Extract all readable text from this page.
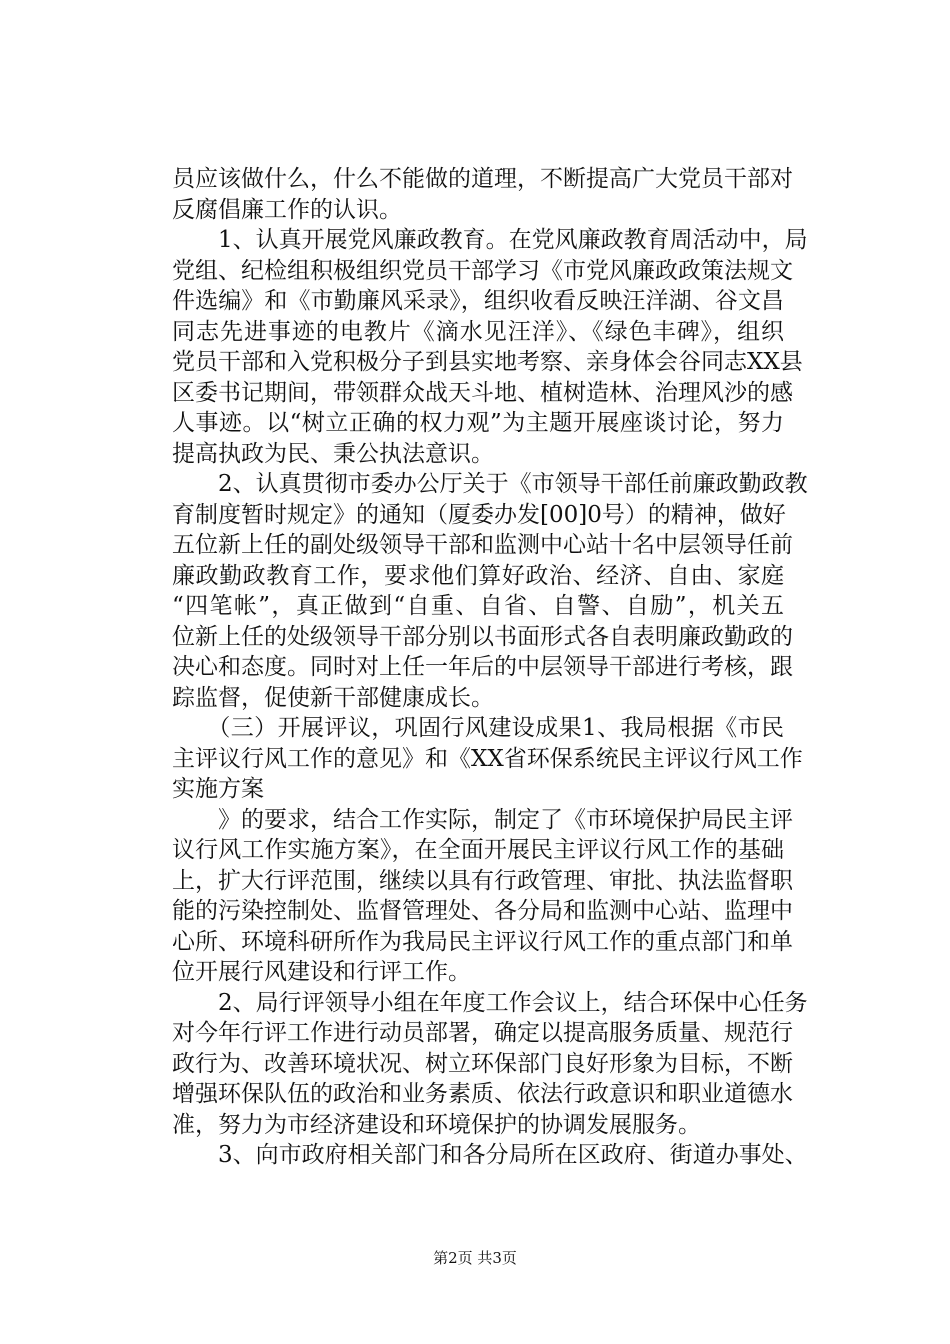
员应该做什么，什么不能做的道理，不断提高广大党员干部对
反腐倡廉工作的认识。
　　1、认真开展党风廉政教育。在党风廉政教育周活动中，局
党组、纪检组积极组织党员干部学习《市党风廉政政策法规文
件选编》和《市勤廉风采录》，组织收看反映汪洋湖、谷文昌
同志先进事迹的电教片《滴水见汪洋》、《绿色丰碑》，组织
党员干部和入党积极分子到县实地考察、亲身体会谷同志XX县
区委书记期间，带领群众战天斗地、植树造林、治理风沙的感
人事迹。以“树立正确的权力观”为主题开展座谈讨论，努力
提高执政为民、秉公执法意识。
　　2、认真贯彻市委办公厅关于《市领导干部任前廉政勤政教
育制度暂时规定》的通知（厦委办发[00]0号）的精神，做好
五位新上任的副处级领导干部和监测中心站十名中层领导任前
廉政勤政教育工作，要求他们算好政治、经济、自由、家庭
“四笔帐”，真正做到“自重、自省、自警、自励”，机关五
位新上任的处级领导干部分别以书面形式各自表明廉政勤政的
决心和态度。同时对上任一年后的中层领导干部进行考核，跟
踪监督，促使新干部健康成长。
　　（三）开展评议，巩固行风建设成果1、我局根据《市民
主评议行风工作的意见》和《XX省环保系统民主评议行风工作
实施方案
　　》的要求，结合工作实际，制定了《市环境保护局民主评
议行风工作实施方案》，在全面开展民主评议行风工作的基础
上，扩大行评范围，继续以具有行政管理、审批、执法监督职
能的污染控制处、监督管理处、各分局和监测中心站、监理中
心所、环境科研所作为我局民主评议行风工作的重点部门和单
位开展行风建设和行评工作。
　　2、局行评领导小组在年度工作会议上，结合环保中心任务
对今年行评工作进行动员部署，确定以提高服务质量、规范行
政行为、改善环境状况、树立环保部门良好形象为目标，不断
增强环保队伍的政治和业务素质、依法行政意识和职业道德水
准，努力为市经济建设和环境保护的协调发展服务。
　　3、向市政府相关部门和各分局所在区政府、街道办事处、
第2页 共3页
